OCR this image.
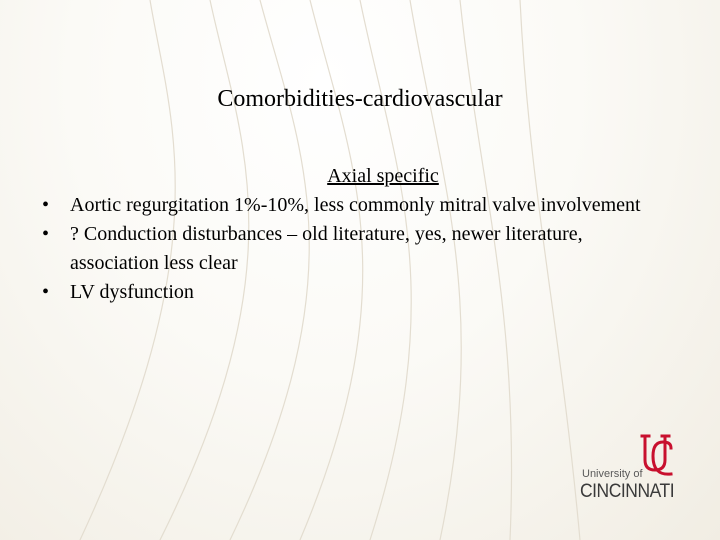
Comorbidities-cardiovascular
Axial specific
• Aortic regurgitation 1%-10%, less commonly mitral valve involvement
• ? Conduction disturbances – old literature, yes, newer literature, association less clear
• LV dysfunction
University of
CINCINNATI
